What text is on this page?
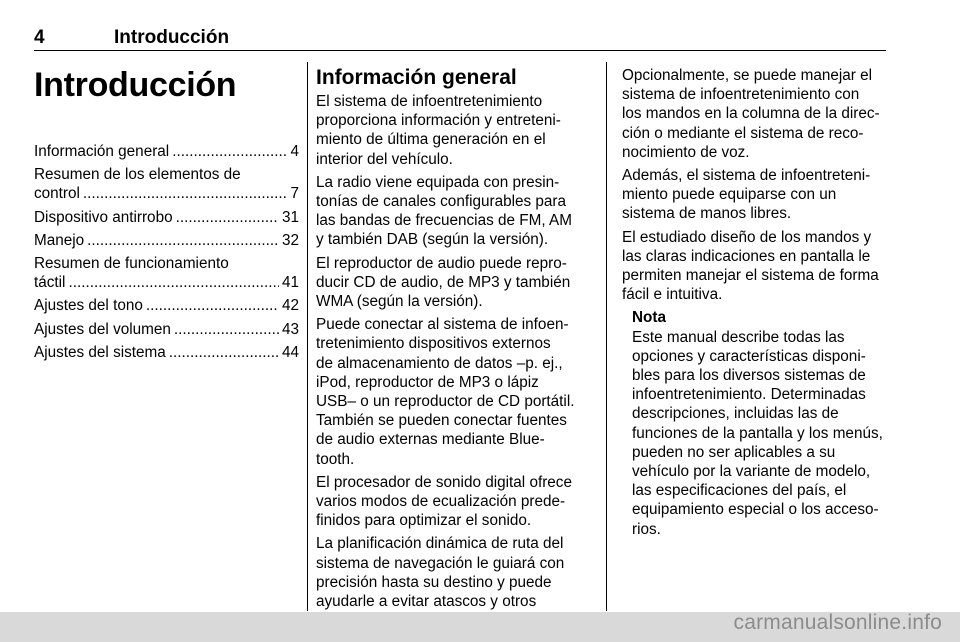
4	Introducción
Introducción
Información general .....	4
Resumen de los elementos de
control .....	7
Dispositivo antirrobo .....	31
Manejo .....	32
Resumen de funcionamiento
táctil .....	41
Ajustes del tono .....	42
Ajustes del volumen .....	43
Ajustes del sistema .....	44
Información general
El sistema de infoentretenimiento
proporciona información y entreteni-
miento de última generación en el
interior del vehículo.
La radio viene equipada con presin-
tonías de canales configurables para
las bandas de frecuencias de FM, AM
y también DAB (según la versión).
El reproductor de audio puede repro-
ducir CD de audio, de MP3 y también
WMA (según la versión).
Puede conectar al sistema de infoen-
tretenimiento dispositivos externos
de almacenamiento de datos –p. ej.,
iPod, reproductor de MP3 o lápiz
USB– o un reproductor de CD portátil.
También se pueden conectar fuentes
de audio externas mediante Blue-
tooth.
El procesador de sonido digital ofrece
varios modos de ecualización prede-
finidos para optimizar el sonido.
La planificación dinámica de ruta del
sistema de navegación le guiará con
precisión hasta su destino y puede
ayudarle a evitar atascos y otros
Opcionalmente, se puede manejar el
sistema de infoentretenimiento con
los mandos en la columna de la direc-
ción o mediante el sistema de reco-
nocimiento de voz.
Además, el sistema de infoentreteni-
miento puede equiparse con un
sistema de manos libres.
El estudiado diseño de los mandos y
las claras indicaciones en pantalla le
permiten manejar el sistema de forma
fácil e intuitiva.
Nota
Este manual describe todas las
opciones y características disponi-
bles para los diversos sistemas de
infoentretenimiento. Determinadas
descripciones, incluidas las de
funciones de la pantalla y los menús,
pueden no ser aplicables a su
vehículo por la variante de modelo,
las especificaciones del país, el
equipamiento especial o los acceso-
rios.
carmanualsonline.info
